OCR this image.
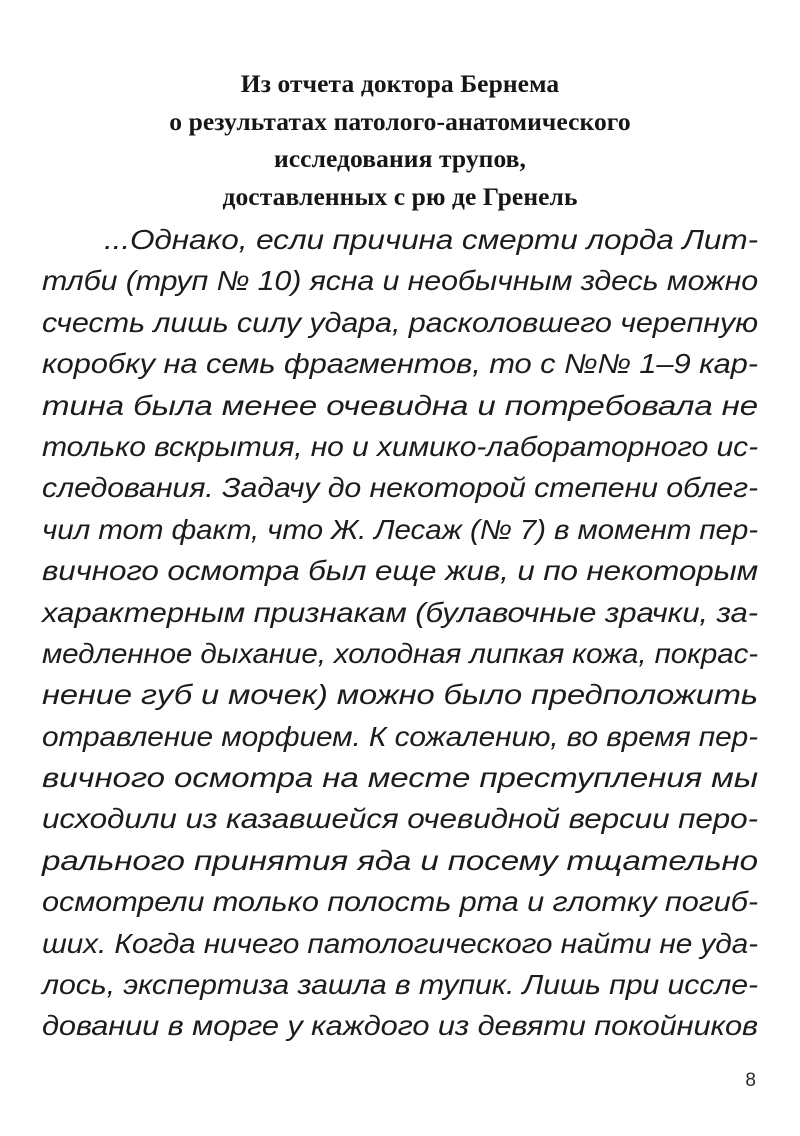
Из отчета доктора Бернема
о результатах патолого-анатомического
исследования трупов,
доставленных с рю де Гренель
...Однако, если причина смерти лорда Лит-
тлби (труп № 10) ясна и необычным здесь можно
счесть лишь силу удара, расколовшего черепную
коробку на семь фрагментов, то с №№ 1–9 кар-
тина была менее очевидна и потребовала не
только вскрытия, но и химико-лабораторного ис-
следования. Задачу до некоторой степени облег-
чил тот факт, что Ж. Лесаж (№ 7) в момент пер-
вичного осмотра был еще жив, и по некоторым
характерным признакам (булавочные зрачки, за-
медленное дыхание, холодная липкая кожа, покрас-
нение губ и мочек) можно было предположить
отравление морфием. К сожалению, во время пер-
вичного осмотра на месте преступления мы
исходили из казавшейся очевидной версии перо-
рального принятия яда и посему тщательно
осмотрели только полость рта и глотку погиб-
ших. Когда ничего патологического найти не уда-
лось, экспертиза зашла в тупик. Лишь при иссле-
довании в морге у каждого из девяти покойников
8
